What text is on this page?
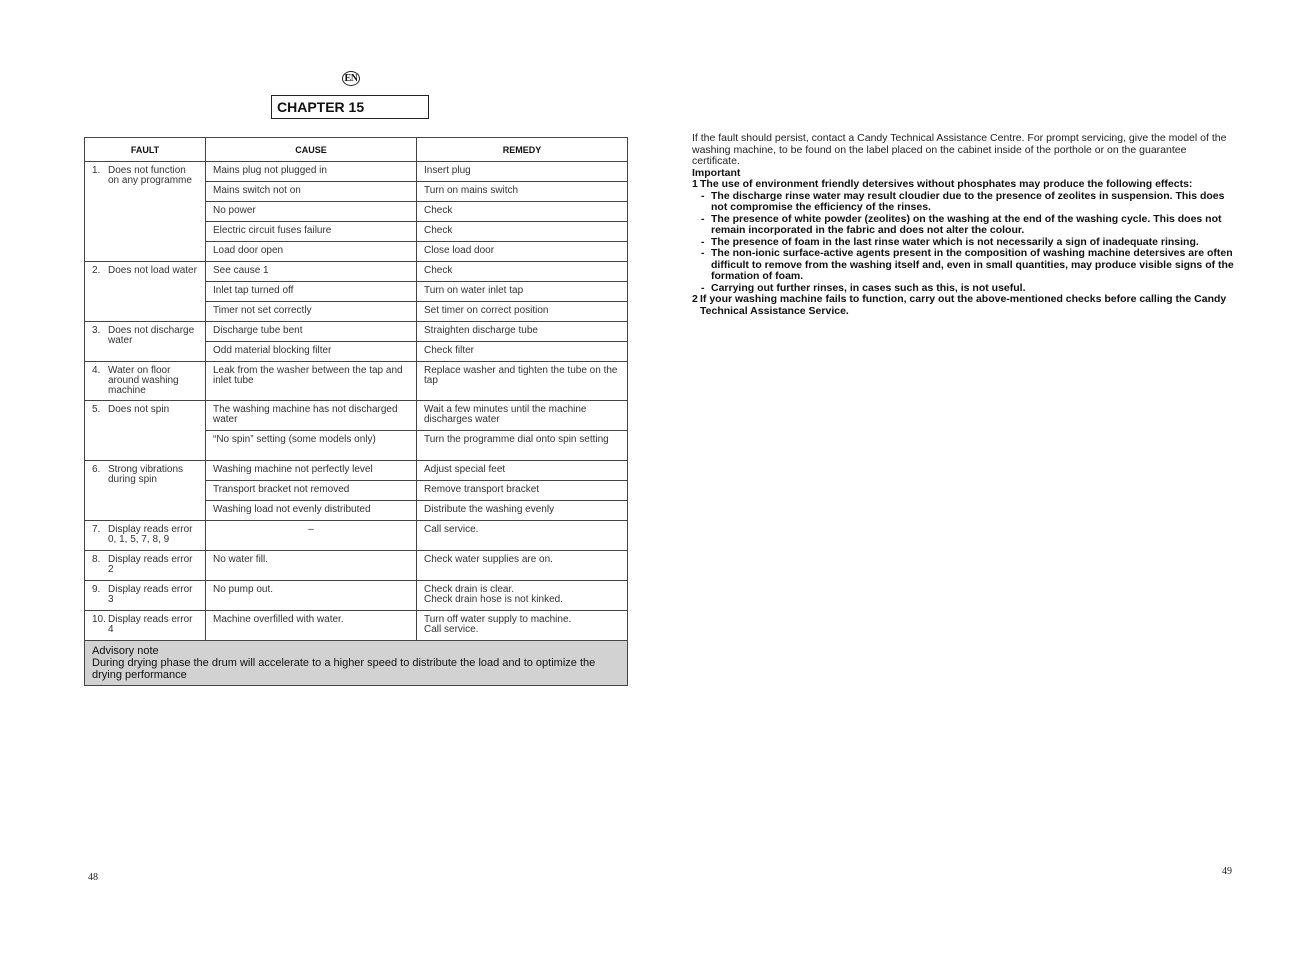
EN
CHAPTER 15
FAULT	CAUSE	REMEDY

1. Does not function on any programme	Mains plug not plugged in	Insert plug
	Mains switch not on	Turn on mains switch
	No power	Check
	Electric circuit fuses failure	Check
	Load door open	Close load door

2. Does not load water	See cause 1	Check
	Inlet tap turned off	Turn on water inlet tap
	Timer not set correctly	Set timer on correct position

3. Does not discharge water	Discharge tube bent	Straighten discharge tube
	Odd material blocking filter	Check filter

4. Water on floor around washing machine	Leak from the washer between the tap and inlet tube	Replace washer and tighten the tube on the tap

5. Does not spin	The washing machine has not discharged water	Wait a few minutes until the machine discharges water
	“No spin” setting (some models only)	Turn the programme dial onto spin setting

6. Strong vibrations during spin	Washing machine not perfectly level	Adjust special feet
	Transport bracket not removed	Remove transport bracket
	Washing load not evenly distributed	Distribute the washing evenly

7. Display reads error 0, 1, 5, 7, 8, 9	–	Call service.

8. Display reads error 2	No water fill.	Check water supplies are on.

9. Display reads error 3	No pump out.	Check drain is clear.
Check drain hose is not kinked.

10. Display reads error 4	Machine overfilled with water.	Turn off water supply to machine.
Call service.

Advisory note
During drying phase the drum will accelerate to a higher speed to distribute the load and to optimize the drying performance		

If the fault should persist, contact a Candy Technical Assistance Centre. For prompt servicing, give the model of the washing machine, to be found on the label placed on the cabinet inside of the porthole or on the guarantee certificate.

Important

1 The use of environment friendly detersives without phosphates may produce the following effects:
- The discharge rinse water may result cloudier due to the presence of zeolites in suspension. This does not compromise the efficiency of the rinses.
- The presence of white powder (zeolites) on the washing at the end of the washing cycle. This does not remain incorporated in the fabric and does not alter the colour.
- The presence of foam in the last rinse water which is not necessarily a sign of inadequate rinsing.
- The non-ionic surface-active agents present in the composition of washing machine detersives are often difficult to remove from the washing itself and, even in small quantities, may produce visible signs of the formation of foam.
- Carrying out further rinses, in cases such as this, is not useful.
2 If your washing machine fails to function, carry out the above-mentioned checks before calling the Candy Technical Assistance Service.
48
49
